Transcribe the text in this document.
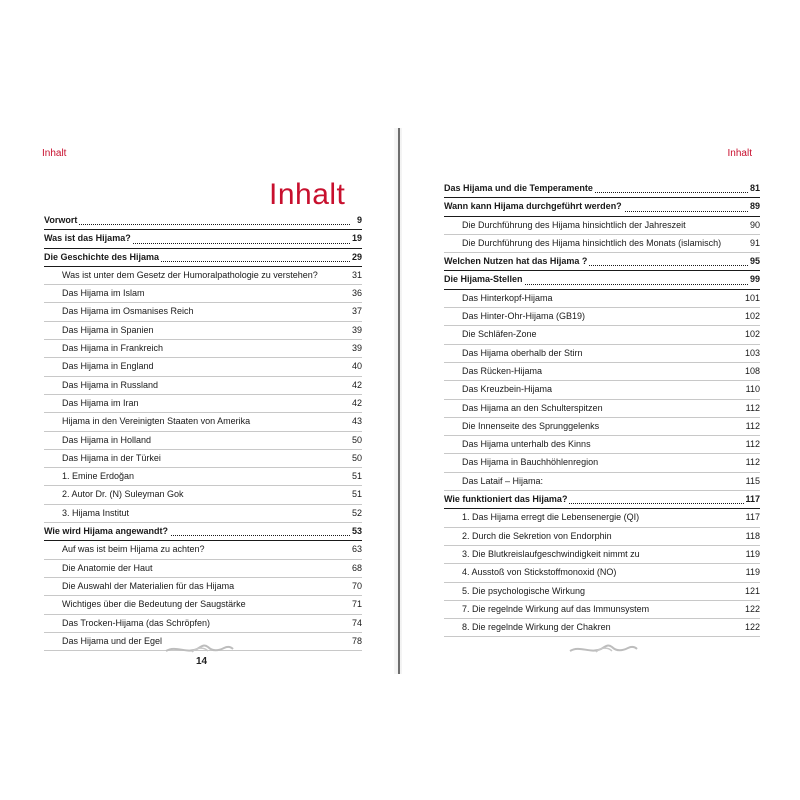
Inhalt
Inhalt
Vorwort	9
Was ist das Hijama?	19
Die Geschichte des Hijama	29
Was ist unter dem Gesetz der Humoralpathologie zu verstehen?	31
Das Hijama im Islam	36
Das Hijama im Osmanises Reich	37
Das Hijama in Spanien	39
Das Hijama in Frankreich	39
Das Hijama in England	40
Das Hijama in Russland	42
Das Hijama im Iran	42
Hijama in den Vereinigten Staaten von Amerika	43
Das Hijama in Holland	50
Das Hijama in der Türkei	50
1. Emine Erdoğan	51
2. Autor Dr. (N) Suleyman Gok	51
3. Hijama Institut	52
Wie wird Hijama angewandt?	53
Auf was ist beim Hijama zu achten?	63
Die Anatomie der Haut	68
Die Auswahl der Materialien für das Hijama	70
Wichtiges über die Bedeutung der Saugstärke	71
Das Trocken-Hijama (das Schröpfen)	74
Das Hijama und der Egel	78
14
Inhalt
Das Hijama und die Temperamente	81
Wann kann Hijama durchgeführt werden?	89
Die Durchführung des Hijama hinsichtlich der Jahreszeit	90
Die Durchführung des Hijama hinsichtlich des Monats (islamisch)	91
Welchen Nutzen hat das Hijama ?	95
Die Hijama-Stellen	99
Das Hinterkopf-Hijama	101
Das Hinter-Ohr-Hijama (GB19)	102
Die Schläfen-Zone	102
Das Hijama oberhalb der Stirn	103
Das Rücken-Hijama	108
Das Kreuzbein-Hijama	110
Das Hijama an den Schulterspitzen	112
Die Innenseite des Sprunggelenks	112
Das Hijama unterhalb des Kinns	112
Das Hijama in Bauchhöhlenregion	112
Das Lataif – Hijama:	115
Wie funktioniert das Hijama?	117
1. Das Hijama erregt die Lebensenergie (QI)	117
2. Durch die Sekretion von Endorphin	118
3. Die Blutkreislaufgeschwindigkeit nimmt zu	119
4. Ausstoß von Stickstoffmonoxid (NO)	119
5. Die psychologische Wirkung	121
7. Die regelnde Wirkung auf das Immunsystem	122
8. Die regelnde Wirkung der Chakren	122
